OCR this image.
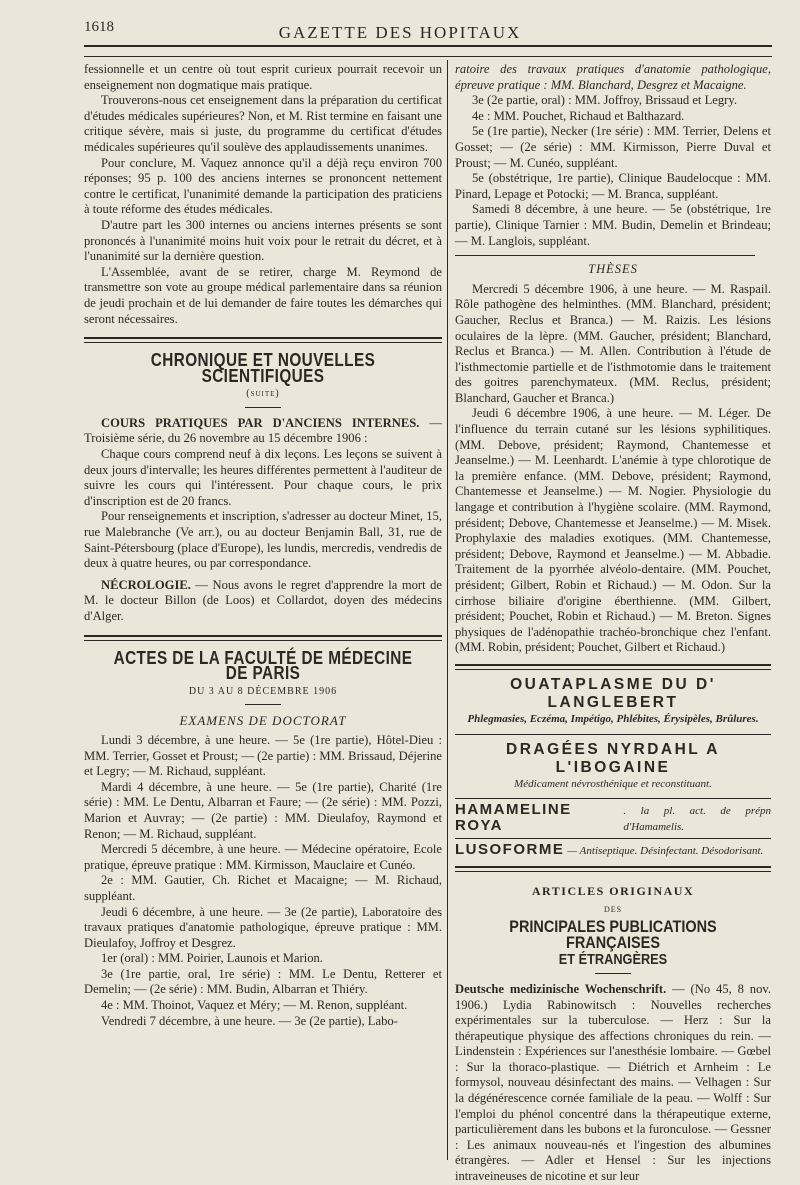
1618	GAZETTE DES HOPITAUX

fessionnelle et un centre où tout esprit curieux pourrait recevoir un enseignement non dogmatique mais pratique.

Trouverons-nous cet enseignement dans la préparation du certificat d'études médicales supérieures? Non, et M. Rist termine en faisant une critique sévère, mais si juste, du programme du certificat d'études médicales supérieures qu'il soulève des applaudissements unanimes.

Pour conclure, M. Vaquez annonce qu'il a déjà reçu environ 700 réponses; 95 p. 100 des anciens internes se prononcent nettement contre le certificat, l'unanimité demande la participation des praticiens à toute réforme des études médicales.

D'autre part les 300 internes ou anciens internes présents se sont prononcés à l'unanimité moins huit voix pour le retrait du décret, et à l'unanimité sur la dernière question.

L'Assemblée, avant de se retirer, charge M. Reymond de transmettre son vote au groupe médical parlementaire dans sa réunion de jeudi prochain et de lui demander de faire toutes les démarches qui seront nécessaires.

CHRONIQUE ET NOUVELLES SCIENTIFIQUES
(suite)

COURS PRATIQUES PAR D'ANCIENS INTERNES. — Troisième série, du 26 novembre au 15 décembre 1906 :

Chaque cours comprend neuf à dix leçons. Les leçons se suivent à deux jours d'intervalle; les heures différentes permettent à l'auditeur de suivre les cours qui l'intéressent. Pour chaque cours, le prix d'inscription est de 20 francs.

Pour renseignements et inscription, s'adresser au docteur Minet, 15, rue Malebranche (Ve arr.), ou au docteur Benjamin Ball, 31, rue de Saint-Pétersbourg (place d'Europe), les lundis, mercredis, vendredis de deux à quatre heures, ou par correspondance.

NÉCROLOGIE. — Nous avons le regret d'apprendre la mort de M. le docteur Billon (de Loos) et Collardot, doyen des médecins d'Alger.

ACTES DE LA FACULTÉ DE MÉDECINE DE PARIS
DU 3 AU 8 DÉCEMBRE 1906
EXAMENS DE DOCTORAT

Lundi 3 décembre, à une heure. — 5e (1re partie), Hôtel-Dieu : MM. Terrier, Gosset et Proust; — (2e partie) : MM. Brissaud, Déjerine et Legry; — M. Richaud, suppléant.

Mardi 4 décembre, à une heure. — 5e (1re partie), Charité (1re série) : MM. Le Dentu, Albarran et Faure; — (2e série) : MM. Pozzi, Marion et Auvray; — (2e partie) : MM. Dieulafoy, Raymond et Renon; — M. Richaud, suppléant.

Mercredi 5 décembre, à une heure. — Médecine opératoire, Ecole pratique, épreuve pratique : MM. Kirmisson, Mauclaire et Cunéo.

2e : MM. Gautier, Ch. Richet et Macaigne; — M. Richaud, suppléant.

Jeudi 6 décembre, à une heure. — 3e (2e partie), Laboratoire des travaux pratiques d'anatomie pathologique, épreuve pratique : MM. Dieulafoy, Joffroy et Desgrez.

1er (oral) : MM. Poirier, Launois et Marion.

3e (1re partie, oral, 1re série) : MM. Le Dentu, Retterer et Demelin; — (2e série) : MM. Budin, Albarran et Thiéry.

4e : MM. Thoinot, Vaquez et Méry; — M. Renon, suppléant.

Vendredi 7 décembre, à une heure. — 3e (2e partie), Labo-

ratoire des travaux pratiques d'anatomie pathologique, épreuve pratique : MM. Blanchard, Desgrez et Macaigne.

3e (2e partie, oral) : MM. Joffroy, Brissaud et Legry.

4e : MM. Pouchet, Richaud et Balthazard.

5e (1re partie), Necker (1re série) : MM. Terrier, Delens et Gosset; — (2e série) : MM. Kirmisson, Pierre Duval et Proust; — M. Cunéo, suppléant.

5e (obstétrique, 1re partie), Clinique Baudelocque : MM. Pinard, Lepage et Potocki; — M. Branca, suppléant.

Samedi 8 décembre, à une heure. — 5e (obstétrique, 1re partie), Clinique Tarnier : MM. Budin, Demelin et Brindeau; — M. Langlois, suppléant.

THÈSES

Mercredi 5 décembre 1906, à une heure. — M. Raspail. Rôle pathogène des helminthes. (MM. Blanchard, président; Gaucher, Reclus et Branca.) — M. Raizis. Les lésions oculaires de la lèpre. (MM. Gaucher, président; Blanchard, Reclus et Branca.) — M. Allen. Contribution à l'étude de l'isthmectomie partielle et de l'isthmotomie dans le traitement des goitres parenchymateux. (MM. Reclus, président; Blanchard, Gaucher et Branca.)

Jeudi 6 décembre 1906, à une heure. — M. Léger. De l'influence du terrain cutané sur les lésions syphilitiques. (MM. Debove, président; Raymond, Chantemesse et Jeanselme.) — M. Leenhardt. L'anémie à type chlorotique de la première enfance. (MM. Debove, président; Raymond, Chantemesse et Jeanselme.) — M. Nogier. Physiologie du langage et contribution à l'hygiène scolaire. (MM. Raymond, président; Debove, Chantemesse et Jeanselme.) — M. Misek. Prophylaxie des maladies exotiques. (MM. Chantemesse, président; Debove, Raymond et Jeanselme.) — M. Abbadie. Traitement de la pyorrhée alvéolo-dentaire. (MM. Pouchet, président; Gilbert, Robin et Richaud.) — M. Odon. Sur la cirrhose biliaire d'origine éberthienne. (MM. Gilbert, président; Pouchet, Robin et Richaud.) — M. Breton. Signes physiques de l'adénopathie trachéo-bronchique chez l'enfant. (MM. Robin, président; Pouchet, Gilbert et Richaud.)

OUATAPLASME DU D' LANGLEBERT
Phlegmasies, Eczéma, Impétigo, Phlébites, Érysipèles, Brûlures.
DRAGÉES NYRDAHL A L'IBOGAINE
Médicament névrosthénique et reconstituant.
HAMAMELINE ROYA
. la pl. act. de prépn d'Hamamelis.
LUSOFORME — Antiseptique. Désinfectant. Désodorisant.
ARTICLES ORIGINAUX
DES
PRINCIPALES PUBLICATIONS FRANÇAISES
ET ÉTRANGÈRES

Deutsche medizinische Wochenschrift. — (No 45, 8 nov. 1906.) Lydia Rabinowitsch : Nouvelles recherches expérimentales sur la tuberculose. — Herz : Sur la thérapeutique physique des affections chroniques du rein. — Lindenstein : Expériences sur l'anesthésie lombaire. — Gœbel : Sur la thoraco-plastique. — Diétrich et Arnheim : Le formysol, nouveau désinfectant des mains. — Velhagen : Sur la dégénérescence cornée familiale de la peau. — Wolff : Sur l'emploi du phénol concentré dans la thérapeutique externe, particulièrement dans les bubons et la furonculose. — Gessner : Les animaux nouveau-nés et l'ingestion des albumines étrangères. — Adler et Hensel : Sur les injections intraveineuses de nicotine et sur leur
